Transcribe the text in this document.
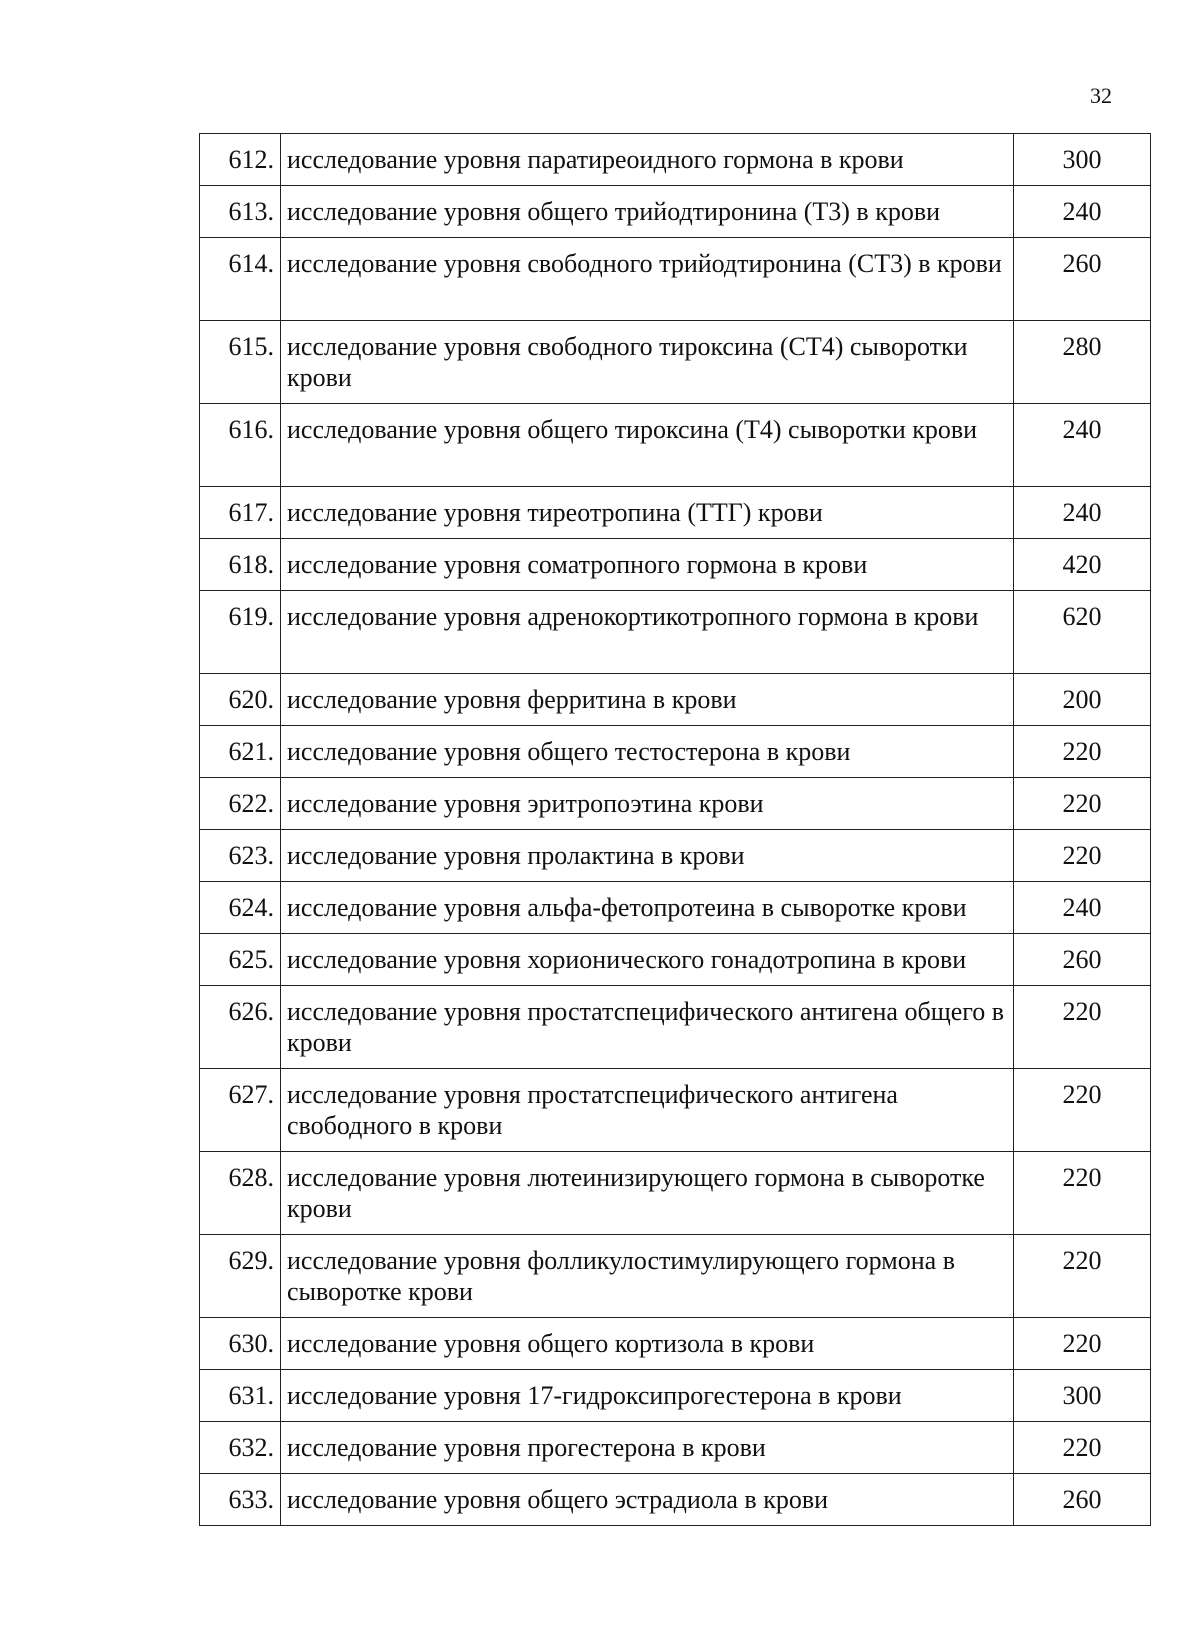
32
612.	исследование уровня паратиреоидного гормона в крови	300
613.	исследование уровня общего трийодтиронина (Т3) в крови	240
614.	исследование уровня свободного трийодтиронина (СТ3) в крови	260
615.	исследование уровня свободного тироксина (СТ4) сыворотки крови	280
616.	исследование уровня общего тироксина (Т4) сыворотки крови	240
617.	исследование уровня тиреотропина (ТТГ) крови	240
618.	исследование уровня соматропного гормона в крови	420
619.	исследование уровня адренокортикотропного гормона в крови	620
620.	исследование уровня ферритина в крови	200
621.	исследование уровня общего тестостерона в крови	220
622.	исследование уровня эритропоэтина крови	220
623.	исследование уровня пролактина в крови	220
624.	исследование уровня альфа-фетопротеина в сыворотке крови	240
625.	исследование уровня хорионического гонадотропина в крови	260
626.	исследование уровня простатспецифического антигена общего в крови	220
627.	исследование уровня простатспецифического антигена свободного в крови	220
628.	исследование уровня лютеинизирующего гормона в сыворотке крови	220
629.	исследование уровня фолликулостимулирующего гормона в сыворотке крови	220
630.	исследование уровня общего кортизола в крови	220
631.	исследование уровня 17-гидроксипрогестерона в крови	300
632.	исследование уровня прогестерона в крови	220
633.	исследование уровня общего эстрадиола в крови	260
